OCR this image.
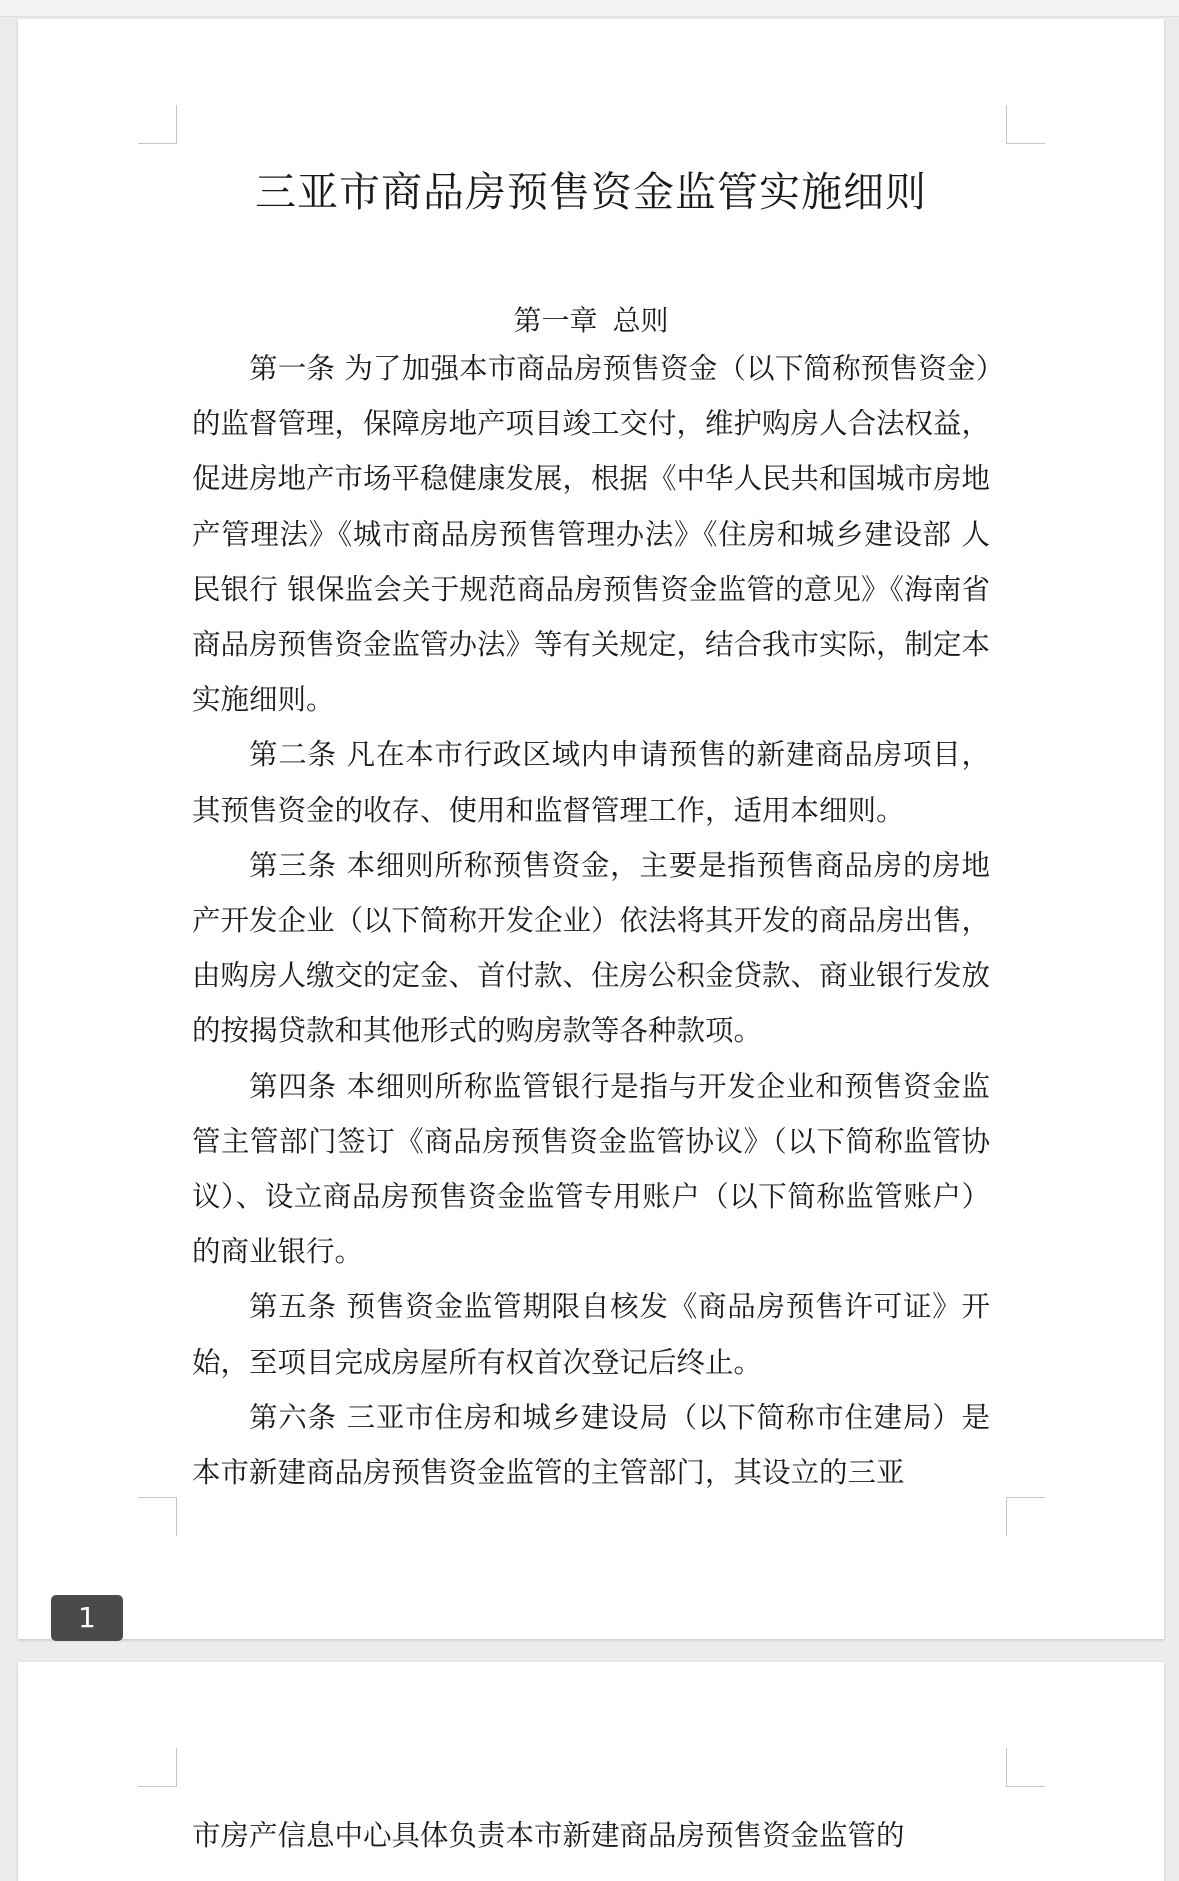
三亚市商品房预售资金监管实施细则
第一章 总则

第一条 为了加强本市商品房预售资金（以下简称预售资金）的监督管理，保障房地产项目竣工交付，维护购房人合法权益，促进房地产市场平稳健康发展，根据《中华人民共和国城市房地产管理法》《城市商品房预售管理办法》《住房和城乡建设部 人民银行 银保监会关于规范商品房预售资金监管的意见》《海南省商品房预售资金监管办法》等有关规定，结合我市实际，制定本实施细则。

第二条 凡在本市行政区域内申请预售的新建商品房项目，其预售资金的收存、使用和监督管理工作，适用本细则。

第三条 本细则所称预售资金，主要是指预售商品房的房地产开发企业（以下简称开发企业）依法将其开发的商品房出售，由购房人缴交的定金、首付款、住房公积金贷款、商业银行发放的按揭贷款和其他形式的购房款等各种款项。

第四条 本细则所称监管银行是指与开发企业和预售资金监管主管部门签订《商品房预售资金监管协议》（以下简称监管协议）、设立商品房预售资金监管专用账户（以下简称监管账户）的商业银行。

第五条 预售资金监管期限自核发《商品房预售许可证》开始，至项目完成房屋所有权首次登记后终止。

第六条 三亚市住房和城乡建设局（以下简称市住建局）是本市新建商品房预售资金监管的主管部门，其设立的三亚

1

市房产信息中心具体负责本市新建商品房预售资金监管的
